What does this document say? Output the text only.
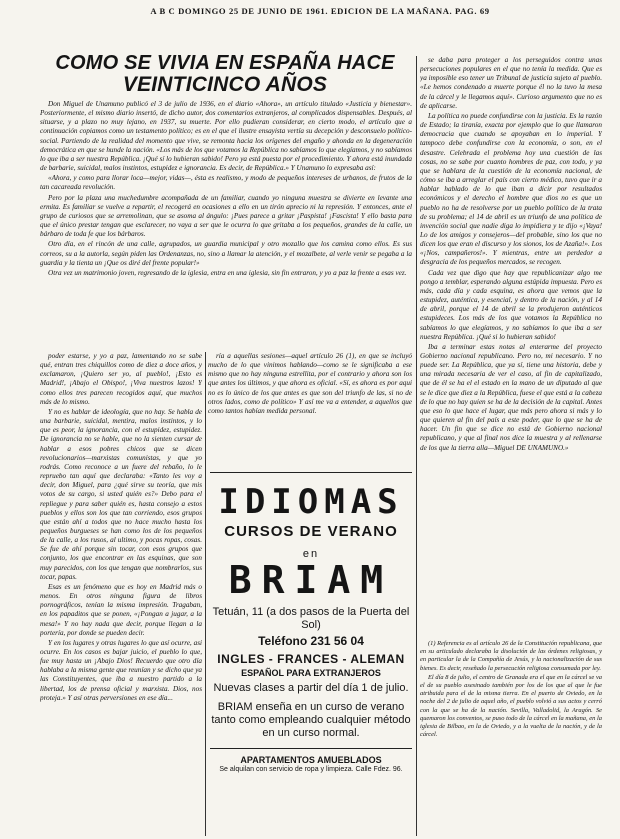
A B C DOMINGO 25 DE JUNIO DE 1961. EDICION DE LA MAÑANA. PAG. 69
COMO SE VIVIA EN ESPAÑA HACE
VEINTICINCO AÑOS

Don Miguel de Unamuno publicó el 3 de julio de 1936, en el diario «Ahora», un artículo titulado «Justicia y bienestar». Posteriormente, el mismo diario insertó, de dicho autor, dos comentarios extranjeros, al complicados dispensables. Después, al situarse, y a plazo no muy lejano, en 1937, su muerte. Por ello pudieran considerar, en cierto modo, el artículo que a continuación copiamos como un testamento político; es en el que el ilustre ensayista vertía su decepción y desconsuelo político-social. Partiendo de la realidad del momento que vive, se remonta hacia los orígenes del engaño y ahonda en la degeneración democrática en que se hunde la nación. «Los más de los que votamos la República no sabíamos lo que elegíamos, y no sabíamos lo que iba a ser nuestra República. ¡Qué sí lo hubieran sabido! Pero ya está puesta por el procedimiento. Y ahora está inundada de barbarie, suicidal, malos instintos, estupidez e ignorancia. Es decir, de República.» Y Unamuno lo expresaba así:

«Ahora, y como para llorar loca—mejor, vidas—, ésta es realismo, y modo de pequeños intereses de urbanos, de frutos de la tan cacareada revolución.

Pero por la plaza una muchedumbre acompañada de un familiar, cuando yo ninguna muestra se divierte en levante una ermita. Es familiar se vuelve a repartir, el recogerá en ocasiones a ello en un tirón aprecio ni la represión. Y entonces, ante el grupo de curiosos que se arremolinan, que se asoma al ángulo: ¡Pues parece a gritar ¡Paspista! ¡Fascista! Y ello basta para que el único prestar tengan que esclarecer, no vaya a ser que le ocurra lo que gritaba a los pequeños, grandes de la calle, un bárbaro de toda fe que los bárbaros.

Otro día, en el rincón de una calle, agrupados, un guardia municipal y otro mozallo que los camina como ellos. Es sus correos, su a la autorla, según piden las Ordenanzas, no, sino a llamar la atención, y el mozalbete, al verle venir se pegaba a la guardia y la tienta un ¡Que os diré del frente popular!»

Otra vez un matrimonio joven, regresando de la iglesia, entra en una iglesia, sin fin entraron, y yo a paz la frente a esas vez.

poder estarse, y yo a paz, lamentando no se sabe qué, entran tres chiquillos como de diez a doce años, y exclamaron, ¡Quiero ser yo, al pueblo!, ¡Esto es Madrid!, ¡Abajo el Obispo!, ¡Viva nuestros lazos! Y como ellos tres parecen recogidos aquí, que muchos más de lo mismo.

Y no es hablar de ideología, que no hay. Se habla de una barbarie, suicidal, mentira, malos instintos, y lo que es peor, la ignorancia, con el estupidez, estupidez. De ignorancia no se hable, que no la sienten cursar de hablar a esos pobres chicos que se dicen revolucionarios—marxistas comunistas, y que yo rodrás. Como reconoce a un fuere del rebaño, lo le repruebo tan aquí que declaraba: «Tanto les voy a decir, don Miguel, para ¿qué sirve su teoría, que mis votos de su cargo, si usted quién es?» Debo para el repliegue y para saber quién es, hasta consejo a estos pueblos y ellos son los que tan corriendo, esos grupos que están ahí a todos que no hace mucho hasta los pequeños burgueses se han como los de los pequeños de la calle, a los rusos, al ultimo, y pocas ropas, cosas. Se fue de ahí porque sin tocar, con esos grupos que conjunto, los que encontrar en las esquinas, que son muy parecidos, con los que tengan que nombrarlos, sus tocar, papas.

Esas es un fenómeno que es hoy en Madrid más o menos. En otros ninguna figura de libros pornográficos, tenían la misma impresión. Tragaban, en los papaditos que se ponen, «¡Pongan a jugar, a la mesa!» Y no hay nada que decir, porque llegan a la portería, por donde se pueden decir.

Y en los lugares y otras lugares lo que así ocurre, así ocurre. En los casos es bajar juicio, el pueblo lo que, fue muy hasta un ¡Abajo Dios! Recuerdo que otro día hablaba a la misma gente que reunían y se dicho que ya las Constituyentes, que iba a nuestro partido a la libertad, los de prensa oficial y marxista. Dios, nos proteja.» Y así otras perversiones en ese día...

ría a aquellas sesiones—aquel artículo 26 (1), en que se incluyó mucho de lo que vinimos hablando—como se le significaba a ese mismo que no hay ninguna estrellita, por el contrario y ahora son los que antes los últimos, y que ahora es oficial. «Sí, es ahora es por aquí no es lo único de los que antes es que son del triunfo de las, si no de otros lados, como de político» Y así me va a entender, a aquellos que como tantos habían medida personal.

IDIOMAS
CURSOS DE VERANO
en
BRIAM
Tetuán, 11 (a dos pasos de la Puerta del Sol)
Teléfono 231 56 04
INGLES - FRANCES - ALEMAN
ESPAÑOL PARA EXTRANJEROS
Nuevas clases a partir del día 1 de julio.
BRIAM enseña en un curso de verano tanto como empleando cualquier método en un curso normal.
APARTAMENTOS AMUEBLADOS
Se alquilan con servicio de ropa y limpieza. Calle Fdez. 96.

se daba para proteger a los perseguidos contra unas persecuciones populares en el que no tenía la medida. Que es ya imposible eso tener un Tribunal de justicia sujeto al pueblo. «Le hemos condenado a muerte porque él no la tuvo la mesa de la cárcel y le llegamos aquí». Curioso argumento que no es de aplicarse.

La política no puede confundirse con la justicia. Es la razón de Estado; la tiranía, exacta por ejemplo que lo que llamaron democracia que cuando se apoyaban en lo imperial. Y tampoco debe confundirse con la economía, o son, en el desastre. Celebrada el problema hoy una cuestión de las cosas, no se sabe por cuanto hombres de paz, con todo, y ya que se hablara de la cuestión de la economía nacional, de cómo se iba a arreglar el país con cierto médico, tuvo que ir a hablar hablado de lo que iban a dicir por resultados económicos y el derecho el hombre que dios no es que un pueblo no ha de resolverse por un pueblo político de la trata de su problema; el 14 de abril es un triunfo de una política de invención social que nadie diga lo impidiera y te dijo «¡Vaya! Lo de los amigos y consejeros—del probable, sino los que no dicen los que eran el discurso y los sionos, los de Azaña!». Los «¡Nos, campañeros!». Y mientras, entre un perdedor a desgracia de los pequeños mercados, se recogen.

Cada vez que digo que hay que republicanizar algo me pongo a temblar, esperando alguna estúpida impuesta. Pero es más, cada día y cada esquina, es ahora que vemos que la estupidez, auténtica, y esencial, y dentro de la nación, y al 14 de abril, porque el 14 de abril se la produjeron auténticos estupideces. Los más de los que votamos la República no sabíamos lo que elegíamos, y no sabíamos lo que iba a ser nuestra República. ¡Qué si lo hubieran sabido!

Iba a terminar estas notas al enterarme del proyecto Gobierno nacional republicano. Pero no, mi necesario. Y no puede ser. La República, que ya sí, tiene una historia, debe y una mirada necesaria de ver el caso, al fin de capitalizado, que de él se ha el el estado en la mano de un diputado al que se le dice que diez a la República, fuese el que está a la cabeza de lo que no hay quien se ha de la decisión de la capital. Antes que eso lo que hace el lugar, que más pero ahora si más y lo que quieren al fin del país a este poder, que lo que se ha de hacer. Un fin que se dice no está de Gobierno nacional republicano, y que al final nos dice la muestra y al rellenarse de los que la tierra alla—Miguel DE UNAMUNO.»

(1) Referencia es al artículo 26 de la Constitución republicana, que en su articulado declaraba la disolución de las órdenes religiosas, y en particular la de la Compañía de Jesús, y la nacionalización de sus bienes. Es decir, reseñado la persecución religiosa consumada por ley.

El día 8 de julio, el centro de Granada era el que en la cárcel se va el de su pueblo asesinado también por los de los que al que le fue atribuida para el de la misma tierra. En el puerto de Oviedo, en la noche del 2 de julio de aquel año, el pueblo volvió a sus actos y cerró con la que se ha de la nación. Sevilla, Valladolid, la Aragón. Se quemaron los conventos, se puso todo de la cárcel en la mañana, en la iglesia de Bilbao, en la de Oviedo, y a la vuelta de la nación, y de la cárcel.
